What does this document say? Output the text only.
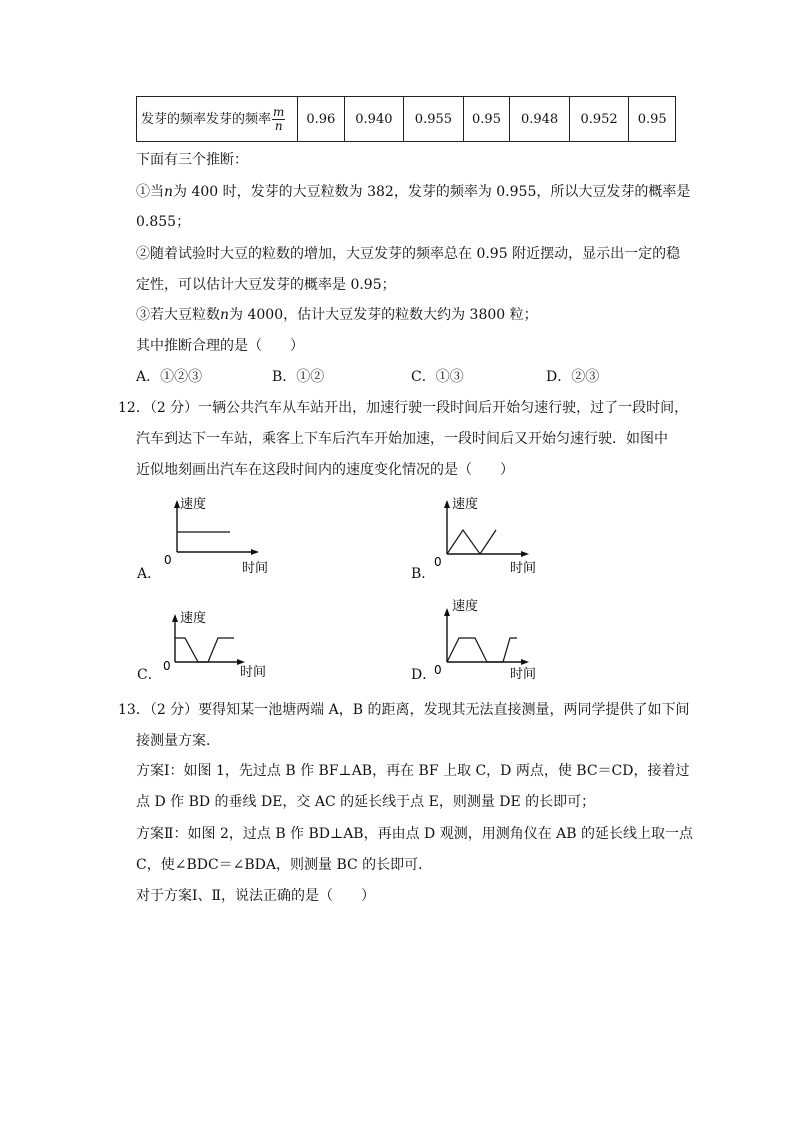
发芽的频率发芽的频率 $\frac{m}{n}$	0.96	0.940	0.955	0.95	0.948	0.952	0.95
下面有三个推断：
①当n为 400 时，发芽的大豆粒数为 382，发芽的频率为 0.955，所以大豆发芽的概率是
0.855；
②随着试验时大豆的粒数的增加，大豆发芽的频率总在 0.95 附近摆动，显示出一定的稳
定性，可以估计大豆发芽的概率是 0.95；
③若大豆粒数n为 4000，估计大豆发芽的粒数大约为 3800 粒；
其中推断合理的是（　　）
A．①②③	B．①②	C．①③	D．②③
12．（2 分）一辆公共汽车从车站开出，加速行驶一段时间后开始匀速行驶，过了一段时间，
汽车到达下一车站，乘客上下车后汽车开始加速，一段时间后又开始匀速行驶．如图中
近似地刻画出汽车在这段时间内的速度变化情况的是（　　）
A．
速度
0
时间	B．
速度
0	时间
C．
速度
0	时间	D．
速度
0	时间
13．（2 分）要得知某一池塘两端 A，B 的距离，发现其无法直接测量，两同学提供了如下间
接测量方案．
方案Ⅰ：如图 1，先过点 B 作 BF⊥AB，再在 BF 上取 C，D 两点，使 BC＝CD，接着过
点 D 作 BD 的垂线 DE，交 AC 的延长线于点 E，则测量 DE 的长即可；
方案Ⅱ：如图 2，过点 B 作 BD⊥AB，再由点 D 观测，用测角仪在 AB 的延长线上取一点
C，使∠BDC＝∠BDA，则测量 BC 的长即可．
对于方案Ⅰ、Ⅱ，说法正确的是（　　）
